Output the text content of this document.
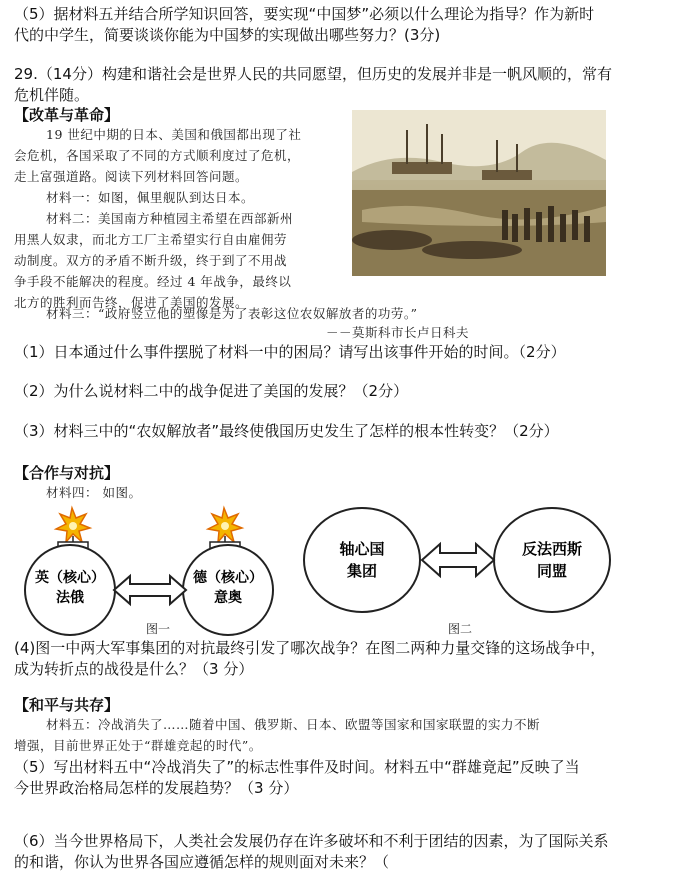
（5）据材料五并结合所学知识回答，要实现“中国梦”必须以什么理论为指导？作为新时
代的中学生，简要谈谈你能为中国梦的实现做出哪些努力？(3分)
29.（14分）构建和谐社会是世界人民的共同愿望，但历史的发展并非是一帆风顺的，常有
危机伴随。
【改革与革命】
19 世纪中期的日本、美国和俄国都出现了社
会危机，各国采取了不同的方式顺利度过了危机，
走上富强道路。阅读下列材料回答问题。
材料一：如图，佩里舰队到达日本。
材料二：美国南方种植园主希望在西部新州
用黑人奴隶，而北方工厂主希望实行自由雇佣劳
动制度。双方的矛盾不断升级，终于到了不用战
争手段不能解决的程度。经过 4 年战争，最终以
北方的胜利而告终，促进了美国的发展。
材料三：“政府竖立他的塑像是为了表彰这位农奴解放者的功劳。”
－－莫斯科市长卢日科夫
（1）日本通过什么事件摆脱了材料一中的困局？请写出该事件开始的时间。（2分）
（2）为什么说材料二中的战争促进了美国的发展？（2分）
（3）材料三中的“农奴解放者”最终使俄国历史发生了怎样的根本性转变？（2分）
【合作与对抗】
材料四： 如图。
英（核心）
法俄
德（核心）
意奥
图一
轴心国
集团
反法西斯
同盟
图二
(4)图一中两大军事集团的对抗最终引发了哪次战争？在图二两种力量交锋的这场战争中，
成为转折点的战役是什么？（3 分）
【和平与共存】
材料五：冷战消失了……随着中国、俄罗斯、日本、欧盟等国家和国家联盟的实力不断
增强，目前世界正处于“群雄竞起的时代”。
（5）写出材料五中“冷战消失了”的标志性事件及时间。材料五中“群雄竟起”反映了当
今世界政治格局怎样的发展趋势？（3 分）
（6）当今世界格局下，人类社会发展仍存在许多破坏和不利于团结的因素，为了国际关系
的和谐，你认为世界各国应遵循怎样的规则面对未来？（
